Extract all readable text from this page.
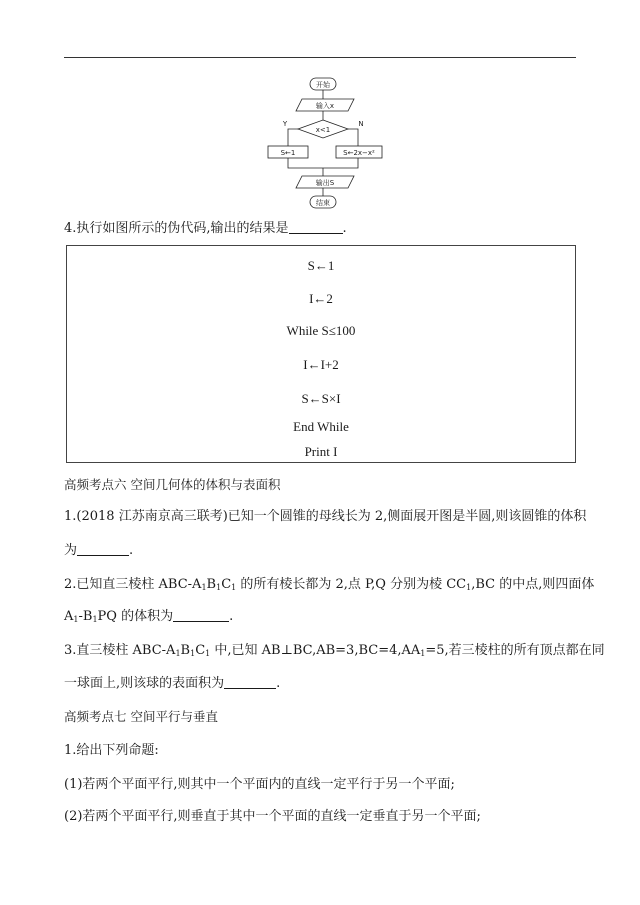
开始
输入x
x<1
Y	N
S←1	S←2x−x²
输出S
结束
4.执行如图所示的伪代码,输出的结果是	.
S←1
I←2
While S≤100
I←I+2
S←S×I
End While
Print I
高频考点六 空间几何体的体积与表面积
1.(2018 江苏南京高三联考)已知一个圆锥的母线长为 2,侧面展开图是半圆,则该圆锥的体积
为	.
2.已知直三棱柱 ABC-$A_1B_1C_1$ 的所有棱长都为 2,点 P,Q 分别为棱 $CC_1,BC$ 的中点,则四面体
$A_1-B_1PQ$ 的体积为	.
3.直三棱柱 ABC-$A_1B_1C_1$ 中,已知 $AB\perp BC,AB=3,BC=4,AA_1=5$,若三棱柱的所有顶点都在同
一球面上,则该球的表面积为	.
高频考点七 空间平行与垂直
1.给出下列命题:
(1)若两个平面平行,则其中一个平面内的直线一定平行于另一个平面;
(2)若两个平面平行,则垂直于其中一个平面的直线一定垂直于另一个平面;
